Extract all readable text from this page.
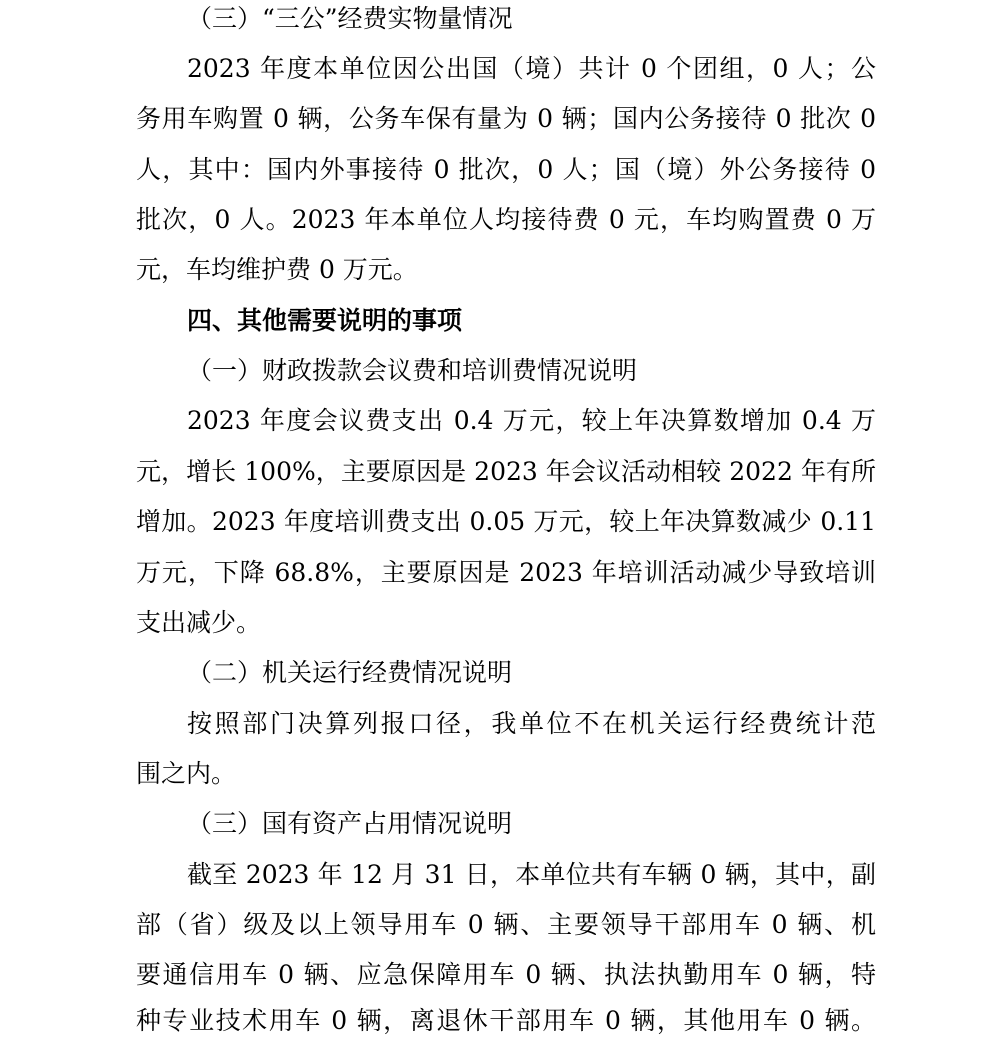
（三）“三公”经费实物量情况
2023 年度本单位因公出国（境）共计 0 个团组，0 人；公
务用车购置 0 辆，公务车保有量为 0 辆；国内公务接待 0 批次 0
人，其中：国内外事接待 0 批次，0 人；国（境）外公务接待 0
批次，0 人。2023 年本单位人均接待费 0 元，车均购置费 0 万
元，车均维护费 0 万元。
四、其他需要说明的事项
（一）财政拨款会议费和培训费情况说明
2023 年度会议费支出 0.4 万元，较上年决算数增加 0.4 万
元，增长 100%，主要原因是 2023 年会议活动相较 2022 年有所
增加。2023 年度培训费支出 0.05 万元，较上年决算数减少 0.11
万元，下降 68.8%，主要原因是 2023 年培训活动减少导致培训
支出减少。
（二）机关运行经费情况说明
按照部门决算列报口径，我单位不在机关运行经费统计范
围之内。
（三）国有资产占用情况说明
截至 2023 年 12 月 31 日，本单位共有车辆 0 辆，其中，副
部（省）级及以上领导用车 0 辆、主要领导干部用车 0 辆、机
要通信用车 0 辆、应急保障用车 0 辆、执法执勤用车 0 辆，特
种专业技术用车 0 辆，离退休干部用车 0 辆，其他用车 0 辆。
